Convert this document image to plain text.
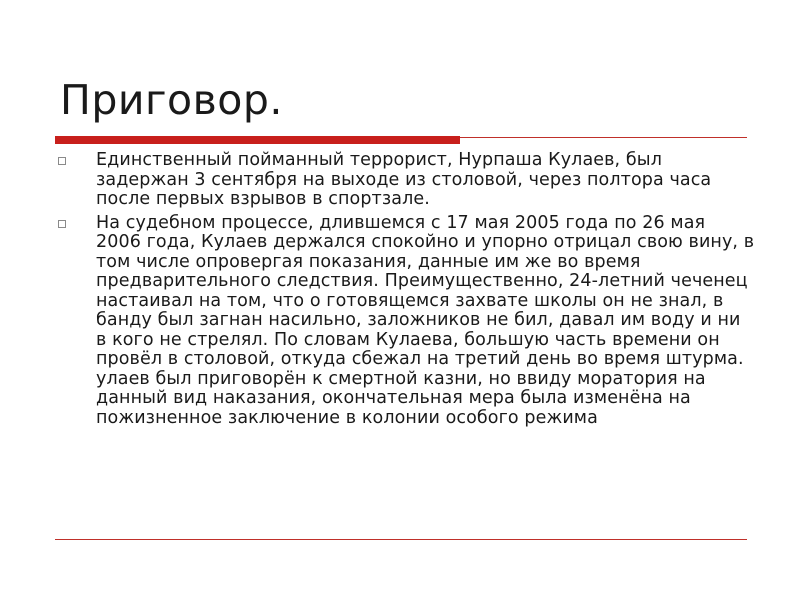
Приговор.
Единственный пойманный террорист, Нурпаша Кулаев, был задержан 3 сентября на выходе из столовой, через полтора часа после первых взрывов в спортзале.
На судебном процессе, длившемся с 17 мая 2005 года по 26 мая 2006 года, Кулаев держался спокойно и упорно отрицал свою вину, в том числе опровергая показания, данные им же во время предварительного следствия. Преимущественно, 24-летний чеченец настаивал на том, что о готовящемся захвате школы он не знал, в банду был загнан насильно, заложников не бил, давал им воду и ни в кого не стрелял. По словам Кулаева, большую часть времени он провёл в столовой, откуда сбежал на третий день во время штурма. улаев был приговорён к смертной казни, но ввиду моратория на данный вид наказания, окончательная мера была изменёна на пожизненное заключение в колонии особого режима
